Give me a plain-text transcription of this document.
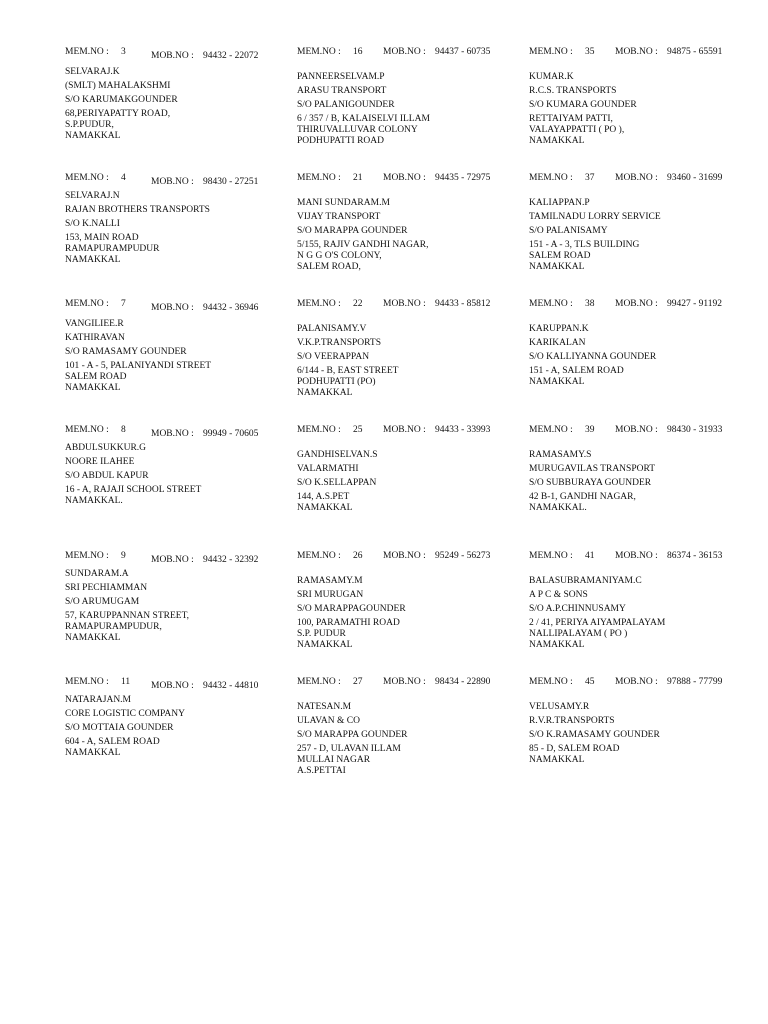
MEM.NO : 3	MOB.NO : 94432 - 22072
SELVARAJ.K
(SMLT) MAHALAKSHMI
S/O KARUMAKGOUNDER
68,PERIYAPATTY ROAD,
S.P.PUDUR,
NAMAKKAL
MEM.NO : 16 MOB.NO : 94437 - 60735
PANNEERSELVAM.P
ARASU TRANSPORT
S/O PALANIGOUNDER
6 / 357 / B, KALAISELVI ILLAM
THIRUVALLUVAR COLONY
PODHUPATTI ROAD
MEM.NO : 35 MOB.NO : 94875 - 65591
KUMAR.K
R.C.S. TRANSPORTS
S/O KUMARA GOUNDER
RETTAIYAM PATTI,
VALAYAPPATTI ( PO ),
NAMAKKAL
MEM.NO : 4	MOB.NO : 98430 - 27251
SELVARAJ.N
RAJAN BROTHERS TRANSPORTS
S/O K.NALLI
153, MAIN ROAD
RAMAPURAMPUDUR
NAMAKKAL
MEM.NO : 21 MOB.NO : 94435 - 72975
MANI SUNDARAM.M
VIJAY TRANSPORT
S/O MARAPPA GOUNDER
5/155, RAJIV GANDHI NAGAR,
N G G O'S COLONY,
SALEM ROAD,
MEM.NO : 37 MOB.NO : 93460 - 31699
KALIAPPAN.P
TAMILNADU LORRY SERVICE
S/O PALANISAMY
151 - A - 3, TLS BUILDING
SALEM ROAD
NAMAKKAL
MEM.NO : 7	MOB.NO : 94432 - 36946
VANGILIEE.R
KATHIRAVAN
S/O RAMASAMY GOUNDER
101 - A - 5, PALANIYANDI STREET
SALEM ROAD
NAMAKKAL
MEM.NO : 22 MOB.NO : 94433 - 85812
PALANISAMY.V
V.K.P.TRANSPORTS
S/O VEERAPPAN
6/144 - B, EAST STREET
PODHUPATTI (PO)
NAMAKKAL
MEM.NO : 38 MOB.NO : 99427 - 91192
KARUPPAN.K
KARIKALAN
S/O KALLIYANNA GOUNDER
151 - A, SALEM ROAD
NAMAKKAL
MEM.NO : 8	MOB.NO : 99949 - 70605
ABDULSUKKUR.G
NOORE ILAHEE
S/O ABDUL KAPUR
16 - A, RAJAJI SCHOOL STREET
NAMAKKAL.
MEM.NO : 25 MOB.NO : 94433 - 33993
GANDHISELVAN.S
VALARMATHI
S/O K.SELLAPPAN
144, A.S.PET
NAMAKKAL
MEM.NO : 39 MOB.NO : 98430 - 31933
RAMASAMY.S
MURUGAVILAS TRANSPORT
S/O SUBBURAYA GOUNDER
42 B-1, GANDHI NAGAR,
NAMAKKAL.
MEM.NO : 9	MOB.NO : 94432 - 32392
SUNDARAM.A
SRI PECHIAMMAN
S/O ARUMUGAM
57, KARUPPANNAN STREET,
RAMAPURAMPUDUR,
NAMAKKAL
MEM.NO : 26 MOB.NO : 95249 - 56273
RAMASAMY.M
SRI MURUGAN
S/O MARAPPAGOUNDER
100, PARAMATHI ROAD
S.P. PUDUR
NAMAKKAL
MEM.NO : 41 MOB.NO : 86374 - 36153
BALASUBRAMANIYAM.C
A P C & SONS
S/O A.P.CHINNUSAMY
2 / 41, PERIYA AIYAMPALAYAM
NALLIPALAYAM ( PO )
NAMAKKAL
MEM.NO : 11 MOB.NO : 94432 - 44810
NATARAJAN.M
CORE LOGISTIC COMPANY
S/O MOTTAIA GOUNDER
604 - A, SALEM ROAD
NAMAKKAL
MEM.NO : 27 MOB.NO : 98434 - 22890
NATESAN.M
ULAVAN & CO
S/O MARAPPA GOUNDER
257 - D, ULAVAN ILLAM
MULLAI NAGAR
A.S.PETTAI
MEM.NO : 45 MOB.NO : 97888 - 77799
VELUSAMY.R
R.V.R.TRANSPORTS
S/O K.RAMASAMY GOUNDER
85 - D, SALEM ROAD
NAMAKKAL
